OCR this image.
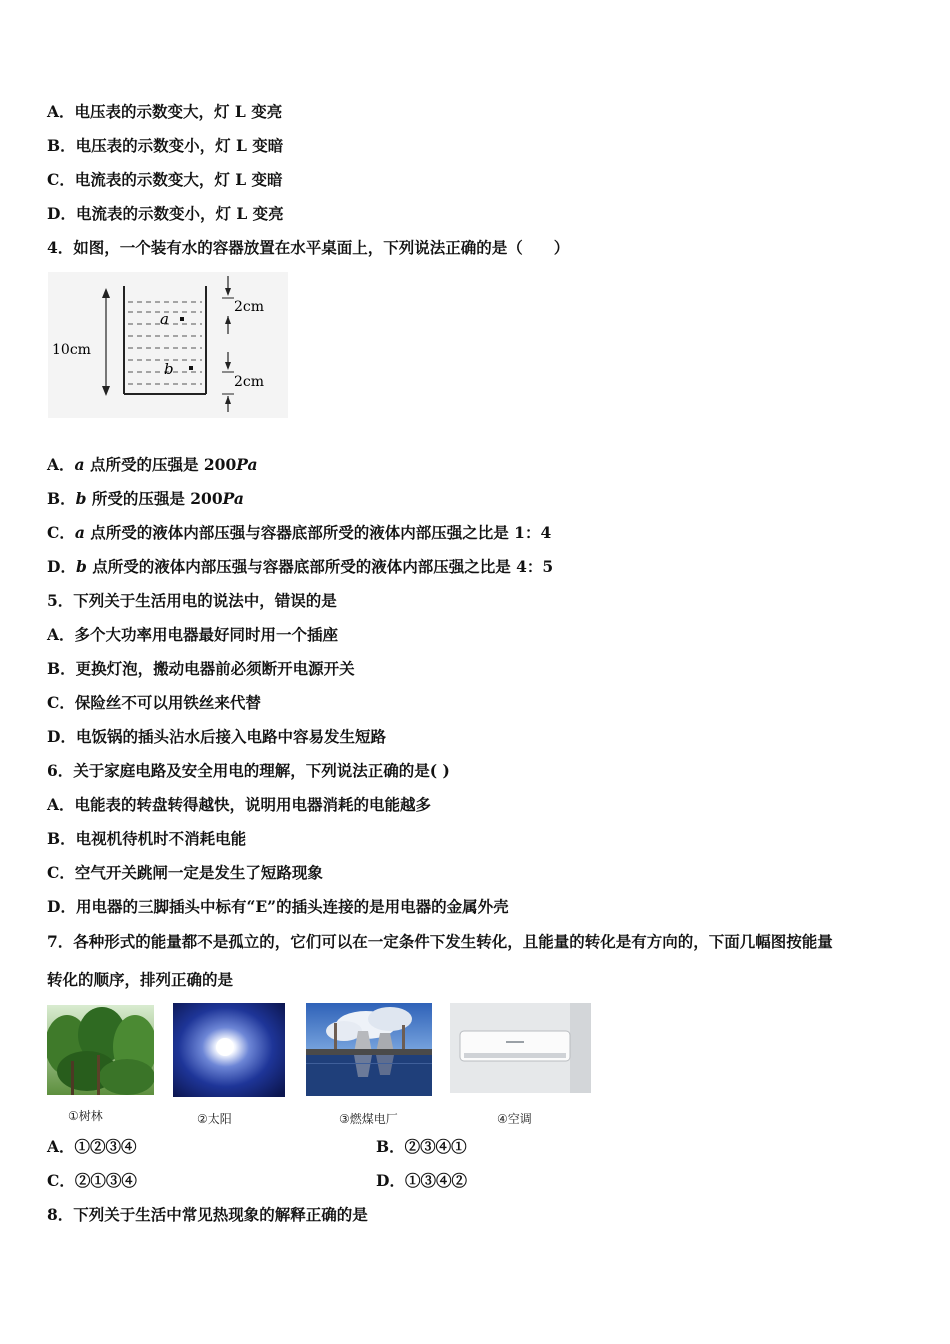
A．电压表的示数变大，灯 L 变亮
B．电压表的示数变小，灯 L 变暗
C．电流表的示数变大，灯 L 变暗
D．电流表的示数变小，灯 L 变亮
4．如图，一个装有水的容器放置在水平桌面上，下列说法正确的是（　　）
a
b
10cm
2cm
2cm
A．a 点所受的压强是 200Pa
B．b 所受的压强是 200Pa
C．a 点所受的液体内部压强与容器底部所受的液体内部压强之比是 1：4
D．b 点所受的液体内部压强与容器底部所受的液体内部压强之比是 4：5
5．下列关于生活用电的说法中，错误的是
A．多个大功率用电器最好同时用一个插座
B．更换灯泡，搬动电器前必须断开电源开关
C．保险丝不可以用铁丝来代替
D．电饭锅的插头沾水后接入电路中容易发生短路
6．关于家庭电路及安全用电的理解，下列说法正确的是( )
A．电能表的转盘转得越快，说明用电器消耗的电能越多
B．电视机待机时不消耗电能
C．空气开关跳闸一定是发生了短路现象
D．用电器的三脚插头中标有“E”的插头连接的是用电器的金属外壳
7．各种形式的能量都不是孤立的，它们可以在一定条件下发生转化，且能量的转化是有方向的，下面几幅图按能量
转化的顺序，排列正确的是
①树林	②太阳	③燃煤电厂	④空调
A．①②③④	B．②③④①
C．②①③④	D．①③④②
8．下列关于生活中常见热现象的解释正确的是
